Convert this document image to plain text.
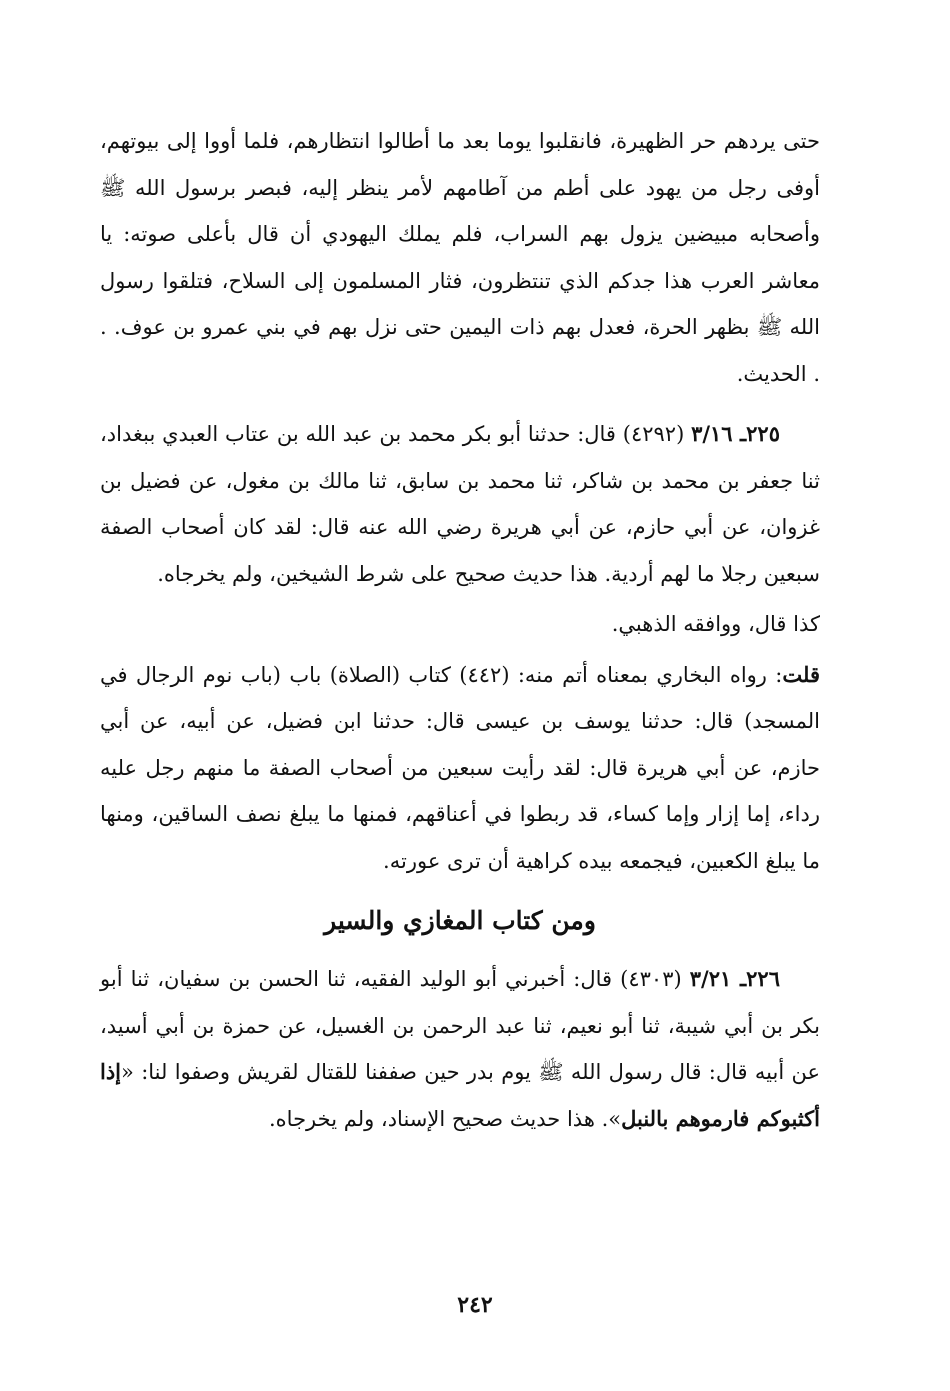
حتى يردهم حر الظهيرة، فانقلبوا يوما بعد ما أطالوا انتظارهم، فلما أووا إلى بيوتهم، أوفى رجل من يهود على أطم من آطامهم لأمر ينظر إليه، فبصر برسول الله ﷺ وأصحابه مبيضين يزول بهم السراب، فلم يملك اليهودي أن قال بأعلى صوته: يا معاشر العرب هذا جدكم الذي تنتظرون، فثار المسلمون إلى السلاح، فتلقوا رسول الله ﷺ بظهر الحرة، فعدل بهم ذات اليمين حتى نزل بهم في بني عمرو بن عوف. . . الحديث.

٢٢٥ـ ٣/١٦ (٤٢٩٢) قال: حدثنا أبو بكر محمد بن عبد الله بن عتاب العبدي ببغداد، ثنا جعفر بن محمد بن شاكر، ثنا محمد بن سابق، ثنا مالك بن مغول، عن فضيل بن غزوان، عن أبي حازم، عن أبي هريرة رضي الله عنه قال: لقد كان أصحاب الصفة سبعين رجلا ما لهم أردية. هذا حديث صحيح على شرط الشيخين، ولم يخرجاه.

كذا قال، ووافقه الذهبي.

قلت: رواه البخاري بمعناه أتم منه: (٤٤٢) كتاب (الصلاة) باب (باب نوم الرجال في المسجد) قال: حدثنا يوسف بن عيسى قال: حدثنا ابن فضيل، عن أبيه، عن أبي حازم، عن أبي هريرة قال: لقد رأيت سبعين من أصحاب الصفة ما منهم رجل عليه رداء، إما إزار وإما كساء، قد ربطوا في أعناقهم، فمنها ما يبلغ نصف الساقين، ومنها ما يبلغ الكعبين، فيجمعه بيده كراهية أن ترى عورته.

ومن كتاب المغازي والسير

٢٢٦ـ ٣/٢١ (٤٣٠٣) قال: أخبرني أبو الوليد الفقيه، ثنا الحسن بن سفيان، ثنا أبو بكر بن أبي شيبة، ثنا أبو نعيم، ثنا عبد الرحمن بن الغسيل، عن حمزة بن أبي أسيد، عن أبيه قال: قال رسول الله ﷺ يوم بدر حين صففنا للقتال لقريش وصفوا لنا: «إذا أكثبوكم فارموهم بالنبل». هذا حديث صحيح الإسناد، ولم يخرجاه.

٢٤٢
